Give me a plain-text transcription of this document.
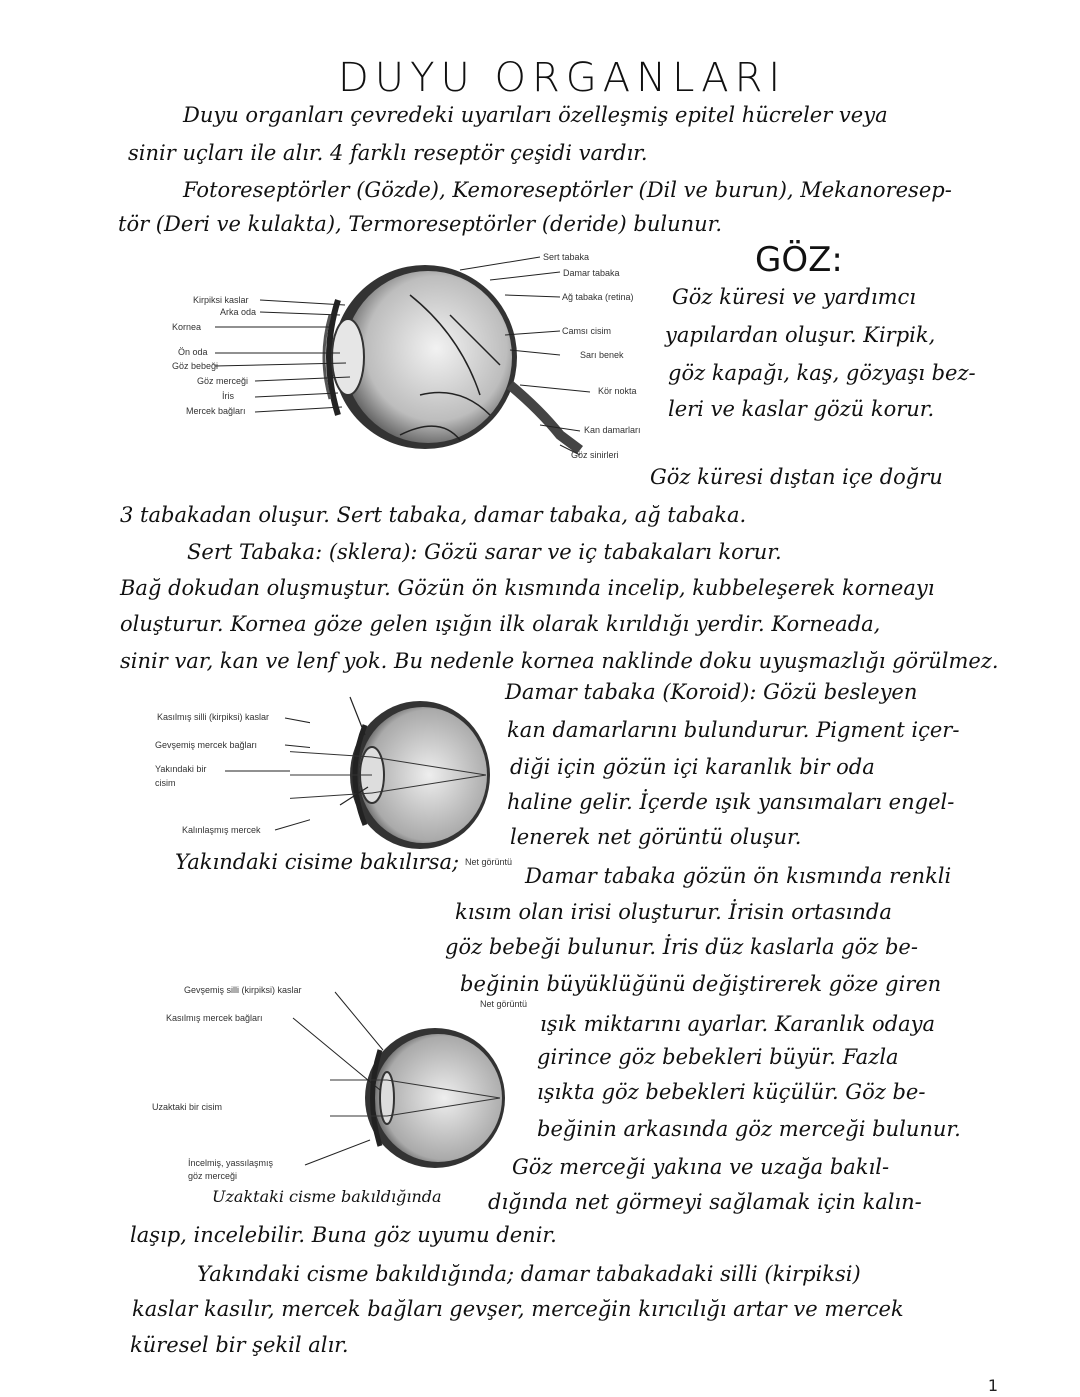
DUYU ORGANLARI
Duyu organları çevredeki uyarıları özelleşmiş epitel hücreler veya
sinir uçları ile alır. 4 farklı reseptör çeşidi vardır.
Fotoreseptörler (Gözde), Kemoreseptörler (Dil ve burun), Mekanoresep-
tör (Deri ve kulakta), Termoreseptörler (deride) bulunur.
GÖZ:
Göz küresi ve yardımcı
yapılardan oluşur. Kirpik,
göz kapağı, kaş, gözyaşı bez-
leri ve kaslar gözü korur.
Kirpiksi kaslar
Arka oda
Kornea
Ön oda
Göz bebeği
Göz merceği
İris
Mercek bağları
Sert tabaka
Damar tabaka
Ağ tabaka (retina)
Camsı cisim
Sarı benek
Kör nokta
Kan damarları
Göz sinirleri
Göz küresi dıştan içe doğru
3 tabakadan oluşur. Sert tabaka, damar tabaka, ağ tabaka.
Sert Tabaka: (sklera): Gözü sarar ve iç tabakaları korur.
Bağ dokudan oluşmuştur. Gözün ön kısmında incelip, kubbeleşerek korneayı
oluşturur. Kornea göze gelen ışığın ilk olarak kırıldığı yerdir. Korneada,
sinir var, kan ve lenf yok. Bu nedenle kornea naklinde doku uyuşmazlığı görülmez.
Kasılmış silli (kirpiksi) kaslar
Gevşemiş mercek bağları
Yakındaki bir
cisim
Kalınlaşmış mercek
Net görüntü
Yakındaki cisime bakılırsa;
Damar tabaka (Koroid): Gözü besleyen
kan damarlarını bulundurur. Pigment içer-
diği için gözün içi karanlık bir oda
haline gelir. İçerde ışık yansımaları engel-
lenerek net görüntü oluşur.
Damar tabaka gözün ön kısmında renkli
kısım olan irisi oluşturur. İrisin ortasında
göz bebeği bulunur. İris düz kaslarla göz be-
beğinin büyüklüğünü değiştirerek göze giren
ışık miktarını ayarlar. Karanlık odaya
girince göz bebekleri büyür. Fazla
ışıkta göz bebekleri küçülür. Göz be-
beğinin arkasında göz merceği bulunur.
Göz merceği yakına ve uzağa bakıl-
dığında net görmeyi sağlamak için kalın-
Gevşemiş silli (kirpiksi) kaslar
Kasılmış mercek bağları
Net görüntü
Uzaktaki bir cisim
İncelmiş, yassılaşmış
göz merceği
Uzaktaki cisme bakıldığında
laşıp, incelebilir. Buna göz uyumu denir.
Yakındaki cisme bakıldığında; damar tabakadaki silli (kirpiksi)
kaslar kasılır, mercek bağları gevşer, merceğin kırıcılığı artar ve mercek
küresel bir şekil alır.
1
